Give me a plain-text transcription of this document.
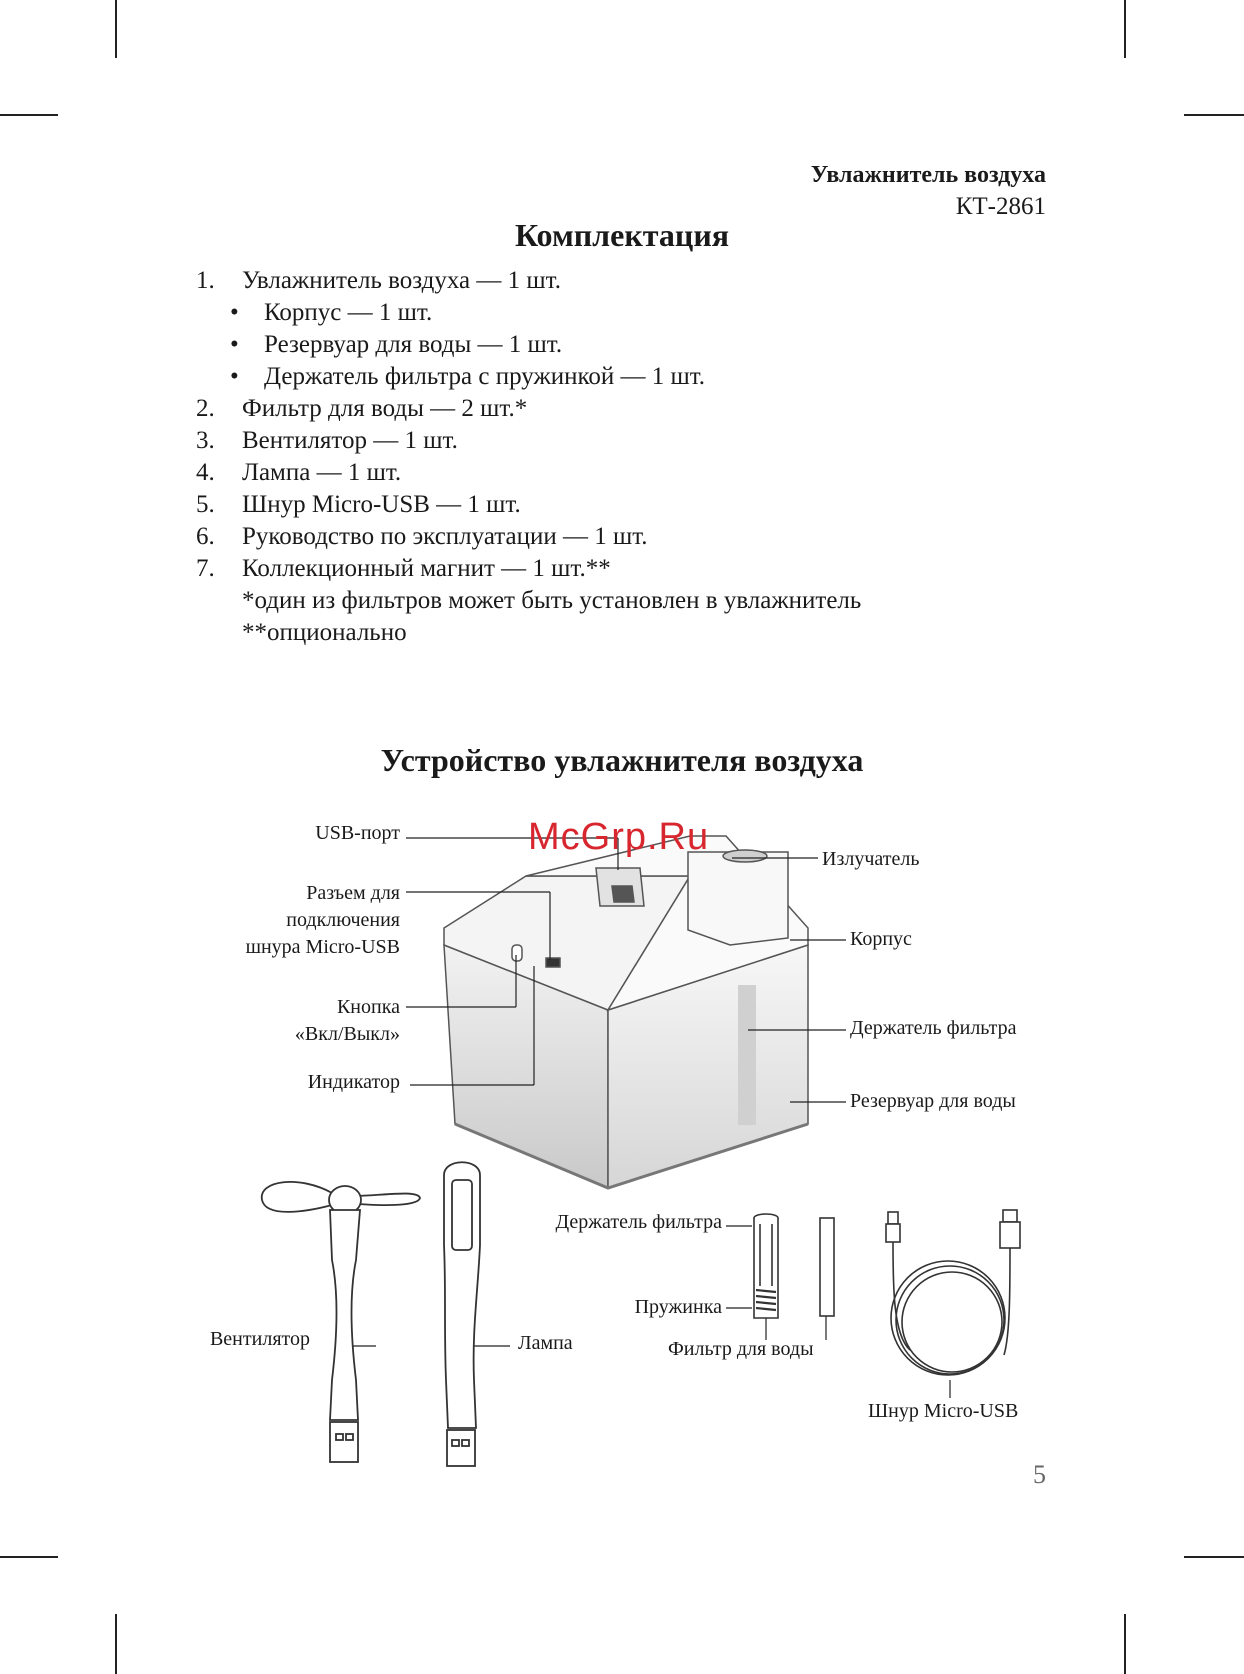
Увлажнитель воздуха
КТ-2861
Комплектация
1. Увлажнитель воздуха — 1 шт.
• Корпус — 1 шт.
• Резервуар для воды — 1 шт.
• Держатель фильтра с пружинкой — 1 шт.
2. Фильтр для воды — 2 шт.*
3. Вентилятор — 1 шт.
4. Лампа — 1 шт.
5. Шнур Micro-USB — 1 шт.
6. Руководство по эксплуатации — 1 шт.
7. Коллекционный магнит — 1 шт.**
*один из фильтров может быть установлен в увлажнитель
**опционально
Устройство увлажнителя воздуха
McGrp.Ru
USB-порт
Разъем для
подключения
шнура Micro-USB
Кнопка
«Вкл/Выкл»
Индикатор
Излучатель
Корпус
Держатель фильтра
Резервуар для воды
Держатель фильтра
Пружинка
Фильтр для воды
Вентилятор	Лампа
Шнур Micro-USB
5
